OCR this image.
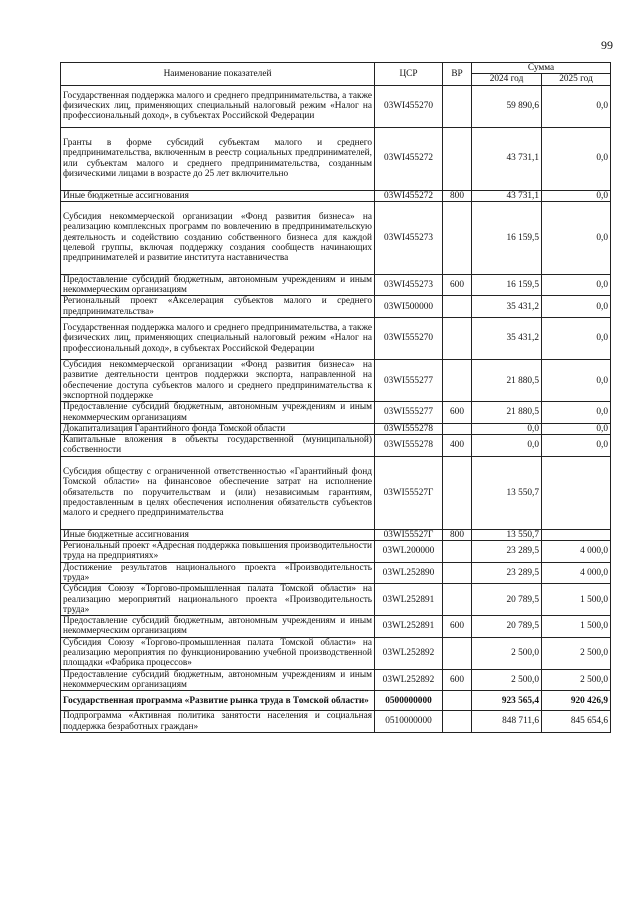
99
Наименование показателей	ЦСР	ВР	Сумма	
			2024 год	2025 год
Государственная поддержка малого и среднего предпринимательства, а также физических лиц, применяющих специальный налоговый режим «Налог на профессиональный доход», в субъектах Российской Федерации	03WI455270		59 890,6	0,0
Гранты в форме субсидий субъектам малого и среднего предпринимательства, включенным в реестр социальных предпринимателей, или субъектам малого и среднего предпринимательства, созданным физическими лицами в возрасте до 25 лет включительно	03WI455272		43 731,1	0,0
Иные бюджетные ассигнования	03WI455272	800	43 731,1	0,0
Субсидия некоммерческой организации «Фонд развития бизнеса» на реализацию комплексных программ по вовлечению в предпринимательскую деятельность и содействию созданию собственного бизнеса для каждой целевой группы, включая поддержку создания сообществ начинающих предпринимателей и развитие института наставничества	03WI455273		16 159,5	0,0
Предоставление субсидий бюджетным, автономным учреждениям и иным некоммерческим организациям	03WI455273	600	16 159,5	0,0
Региональный проект «Акселерация субъектов малого и среднего предпринимательства»	03WI500000		35 431,2	0,0
Государственная поддержка малого и среднего предпринимательства, а также физических лиц, применяющих специальный налоговый режим «Налог на профессиональный доход», в субъектах Российской Федерации	03WI555270		35 431,2	0,0
Субсидия некоммерческой организации «Фонд развития бизнеса» на развитие деятельности центров поддержки экспорта, направленной на обеспечение доступа субъектов малого и среднего предпринимательства к экспортной поддержке	03WI555277		21 880,5	0,0
Предоставление субсидий бюджетным, автономным учреждениям и иным некоммерческим организациям	03WI555277	600	21 880,5	0,0
Докапитализация Гарантийного фонда Томской области	03WI555278		0,0	0,0
Капитальные вложения в объекты государственной (муниципальной) собственности	03WI555278	400	0,0	0,0
Субсидия обществу с ограниченной ответственностью «Гарантийный фонд Томской области» на финансовое обеспечение затрат на исполнение обязательств по поручительствам и (или) независимым гарантиям, предоставленным в целях обеспечения исполнения обязательств субъектов малого и среднего предпринимательства	03WI55527Г		13 550,7	
Иные бюджетные ассигнования	03WI55527Г	800	13 550,7	
Региональный проект «Адресная поддержка повышения производительности труда на предприятиях»	03WL200000		23 289,5	4 000,0
Достижение результатов национального проекта «Производительность труда»	03WL252890		23 289,5	4 000,0
Субсидия Союзу «Торгово-промышленная палата Томской области» на реализацию мероприятий национального проекта «Производительность труда»	03WL252891		20 789,5	1 500,0
Предоставление субсидий бюджетным, автономным учреждениям и иным некоммерческим организациям	03WL252891	600	20 789,5	1 500,0
Субсидия Союзу «Торгово-промышленная палата Томской области» на реализацию мероприятия по функционированию учебной производственной площадки «Фабрика процессов»	03WL252892		2 500,0	2 500,0
Предоставление субсидий бюджетным, автономным учреждениям и иным некоммерческим организациям	03WL252892	600	2 500,0	2 500,0
Государственная программа «Развитие рынка труда в Томской области»	0500000000		923 565,4	920 426,9
Подпрограмма «Активная политика занятости населения и социальная поддержка безработных граждан»	0510000000		848 711,6	845 654,6
